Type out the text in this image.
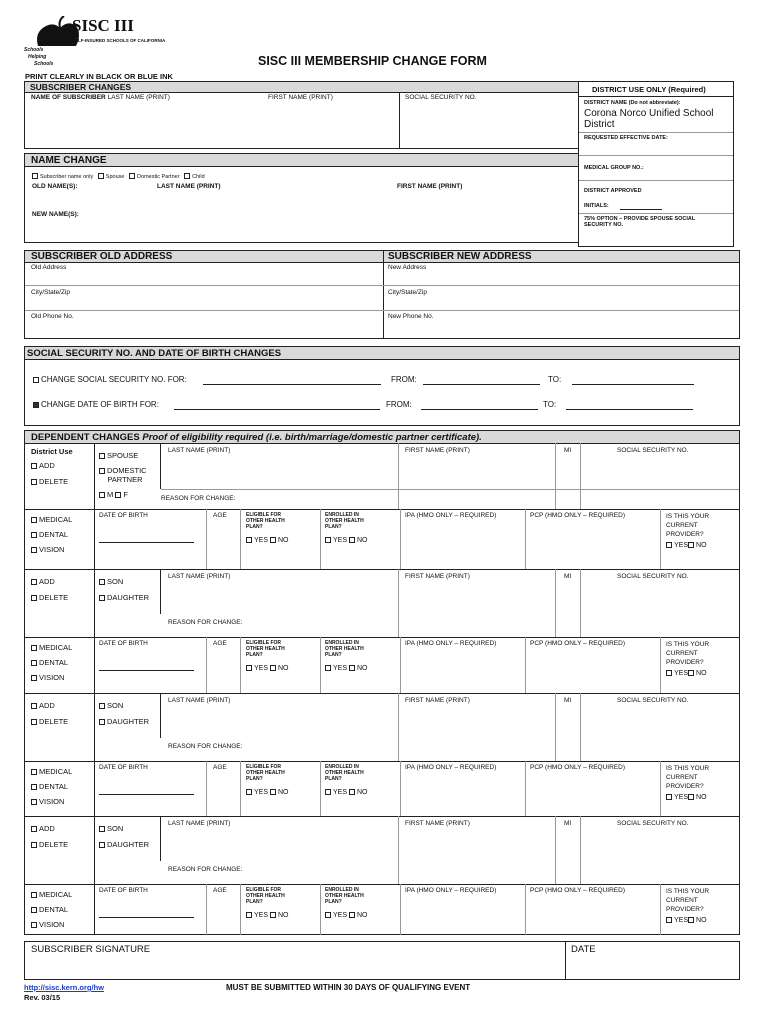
SISC III
SELF-INSURED SCHOOLS OF CALIFORNIA
Schools
Helping
Schools	SISC III MEMBERSHIP CHANGE FORM
PRINT CLEARLY IN BLACK OR BLUE INK
SUBSCRIBER CHANGES
NAME OF SUBSCRIBER LAST NAME (PRINT)	FIRST NAME (PRINT)	SOCIAL SECURITY NO.
DISTRICT USE ONLY (Required)
DISTRICT NAME (Do not abbreviate):
Corona Norco Unified School District
REQUESTED EFFECTIVE DATE:
MEDICAL GROUP NO.:
DISTRICT APPROVED
INITIALS:
75% OPTION – PROVIDE SPOUSE SOCIAL SECURITY NO.
NAME CHANGE
Subscriber name only Spouse Domestic Partner Child
OLD NAME(S):	LAST NAME (PRINT)	FIRST NAME (PRINT)
NEW NAME(S):
SUBSCRIBER OLD ADDRESS	SUBSCRIBER NEW ADDRESS
Old Address	New Address
City/State/Zip	City/State/Zip
Old Phone No.	New Phone No.
SOCIAL SECURITY NO. AND DATE OF BIRTH CHANGES
CHANGE SOCIAL SECURITY NO. FOR:	FROM:	TO:
CHANGE DATE OF BIRTH FOR:	FROM:	TO:
DEPENDENT CHANGES Proof of eligibility required (i.e. birth/marriage/domestic partner certificate).
District Use
ADD
DELETE
SPOUSE
DOMESTIC
PARTNER
M F
LAST NAME (PRINT)	FIRST NAME (PRINT)	MI	SOCIAL SECURITY NO.
REASON FOR CHANGE:
MEDICAL
DENTAL
VISION
DATE OF BIRTH	AGE	ELIGIBLE FOR
OTHER HEALTH
PLAN?
YES NO
ENROLLED IN
OTHER HEALTH
PLAN?
YES NO
IPA (HMO ONLY – REQUIRED)	PCP (HMO ONLY – REQUIRED)	IS THIS YOUR
CURRENT
PROVIDER?
YES NO
ADD
DELETE
SON
DAUGHTER
LAST NAME (PRINT)	FIRST NAME (PRINT)	MI	SOCIAL SECURITY NO.
REASON FOR CHANGE:
MEDICAL
DENTAL
VISION
DATE OF BIRTH	AGE	ELIGIBLE FOR
OTHER HEALTH
PLAN?
YES NO
ENROLLED IN
OTHER HEALTH
PLAN?
YES NO
IPA (HMO ONLY – REQUIRED)	PCP (HMO ONLY – REQUIRED)	IS THIS YOUR
CURRENT
PROVIDER?
YES NO
ADD
DELETE
SON
DAUGHTER
LAST NAME (PRINT)	FIRST NAME (PRINT)	MI	SOCIAL SECURITY NO.
REASON FOR CHANGE:
MEDICAL
DENTAL
VISION
DATE OF BIRTH	AGE	ELIGIBLE FOR
OTHER HEALTH
PLAN?
YES NO
ENROLLED IN
OTHER HEALTH
PLAN?
YES NO
IPA (HMO ONLY – REQUIRED)	PCP (HMO ONLY – REQUIRED)	IS THIS YOUR
CURRENT
PROVIDER?
YES NO
ADD
DELETE
SON
DAUGHTER
LAST NAME (PRINT)	FIRST NAME (PRINT)	MI	SOCIAL SECURITY NO.
REASON FOR CHANGE:
MEDICAL
DENTAL
VISION
DATE OF BIRTH	AGE	ELIGIBLE FOR
OTHER HEALTH
PLAN?
YES NO
ENROLLED IN
OTHER HEALTH
PLAN?
YES NO
IPA (HMO ONLY – REQUIRED)	PCP (HMO ONLY – REQUIRED)	IS THIS YOUR
CURRENT
PROVIDER?
YES NO
SUBSCRIBER SIGNATURE	DATE
http://sisc.kern.org/hw
Rev. 03/15
MUST BE SUBMITTED WITHIN 30 DAYS OF QUALIFYING EVENT
